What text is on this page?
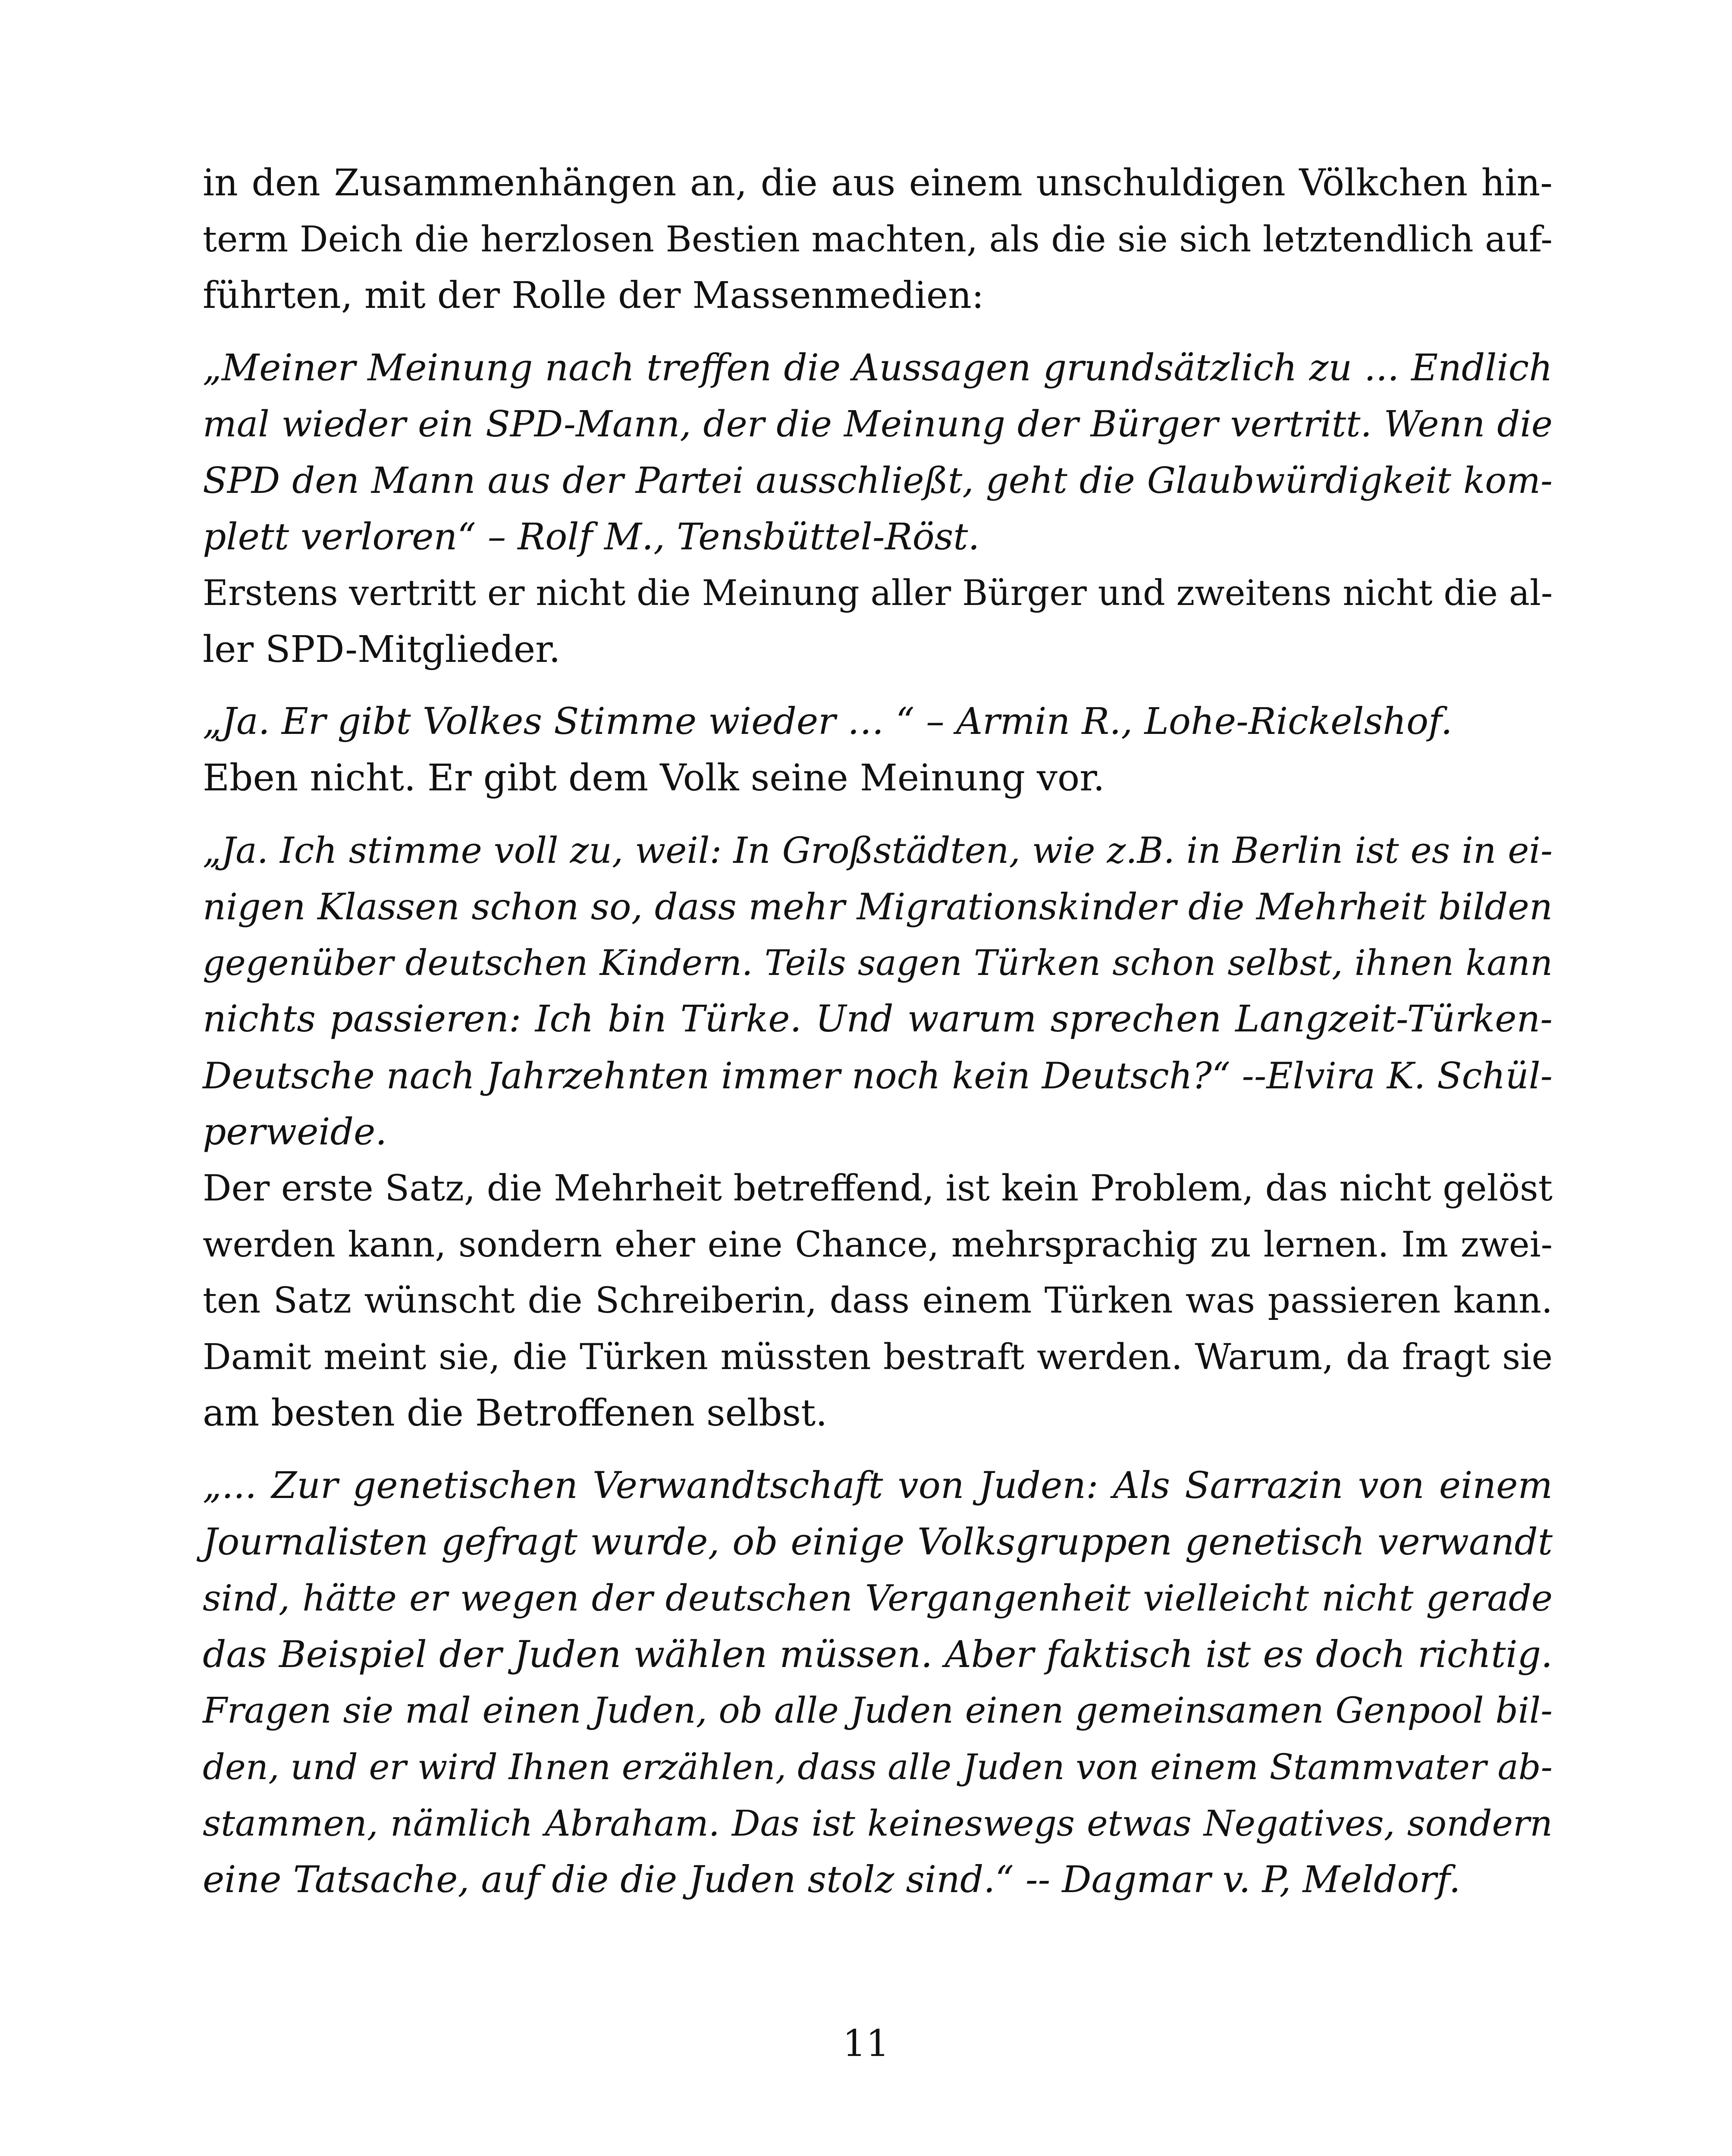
in den Zusammenhängen an, die aus einem unschuldigen Völkchen hin-
term Deich die herzlosen Bestien machten, als die sie sich letztendlich auf-
führten, mit der Rolle der Massenmedien:
„Meiner Meinung nach treffen die Aussagen grundsätzlich zu ... Endlich
mal wieder ein SPD-Mann, der die Meinung der Bürger vertritt. Wenn die
SPD den Mann aus der Partei ausschließt, geht die Glaubwürdigkeit kom-
plett verloren“ – Rolf M., Tensbüttel-Röst.
Erstens vertritt er nicht die Meinung aller Bürger und zweitens nicht die al-
ler SPD-Mitglieder.
„Ja. Er gibt Volkes Stimme wieder … “ – Armin R., Lohe-Rickelshof.
Eben nicht. Er gibt dem Volk seine Meinung vor.
„Ja. Ich stimme voll zu, weil: In Großstädten, wie z.B. in Berlin ist es in ei-
nigen Klassen schon so, dass mehr Migrationskinder die Mehrheit bilden
gegenüber deutschen Kindern. Teils sagen Türken schon selbst, ihnen kann
nichts passieren: Ich bin Türke. Und warum sprechen Langzeit-Türken-
Deutsche nach Jahrzehnten immer noch kein Deutsch?“ --Elvira K. Schül-
perweide.
Der erste Satz, die Mehrheit betreffend, ist kein Problem, das nicht gelöst
werden kann, sondern eher eine Chance, mehrsprachig zu lernen. Im zwei-
ten Satz wünscht die Schreiberin, dass einem Türken was passieren kann.
Damit meint sie, die Türken müssten bestraft werden. Warum, da fragt sie
am besten die Betroffenen selbst.
„... Zur genetischen Verwandtschaft von Juden: Als Sarrazin von einem
Journalisten gefragt wurde, ob einige Volksgruppen genetisch verwandt
sind, hätte er wegen der deutschen Vergangenheit vielleicht nicht gerade
das Beispiel der Juden wählen müssen. Aber faktisch ist es doch richtig.
Fragen sie mal einen Juden, ob alle Juden einen gemeinsamen Genpool bil-
den, und er wird Ihnen erzählen, dass alle Juden von einem Stammvater ab-
stammen, nämlich Abraham. Das ist keineswegs etwas Negatives, sondern
eine Tatsache, auf die die Juden stolz sind.“ -- Dagmar v. P, Meldorf.
11
